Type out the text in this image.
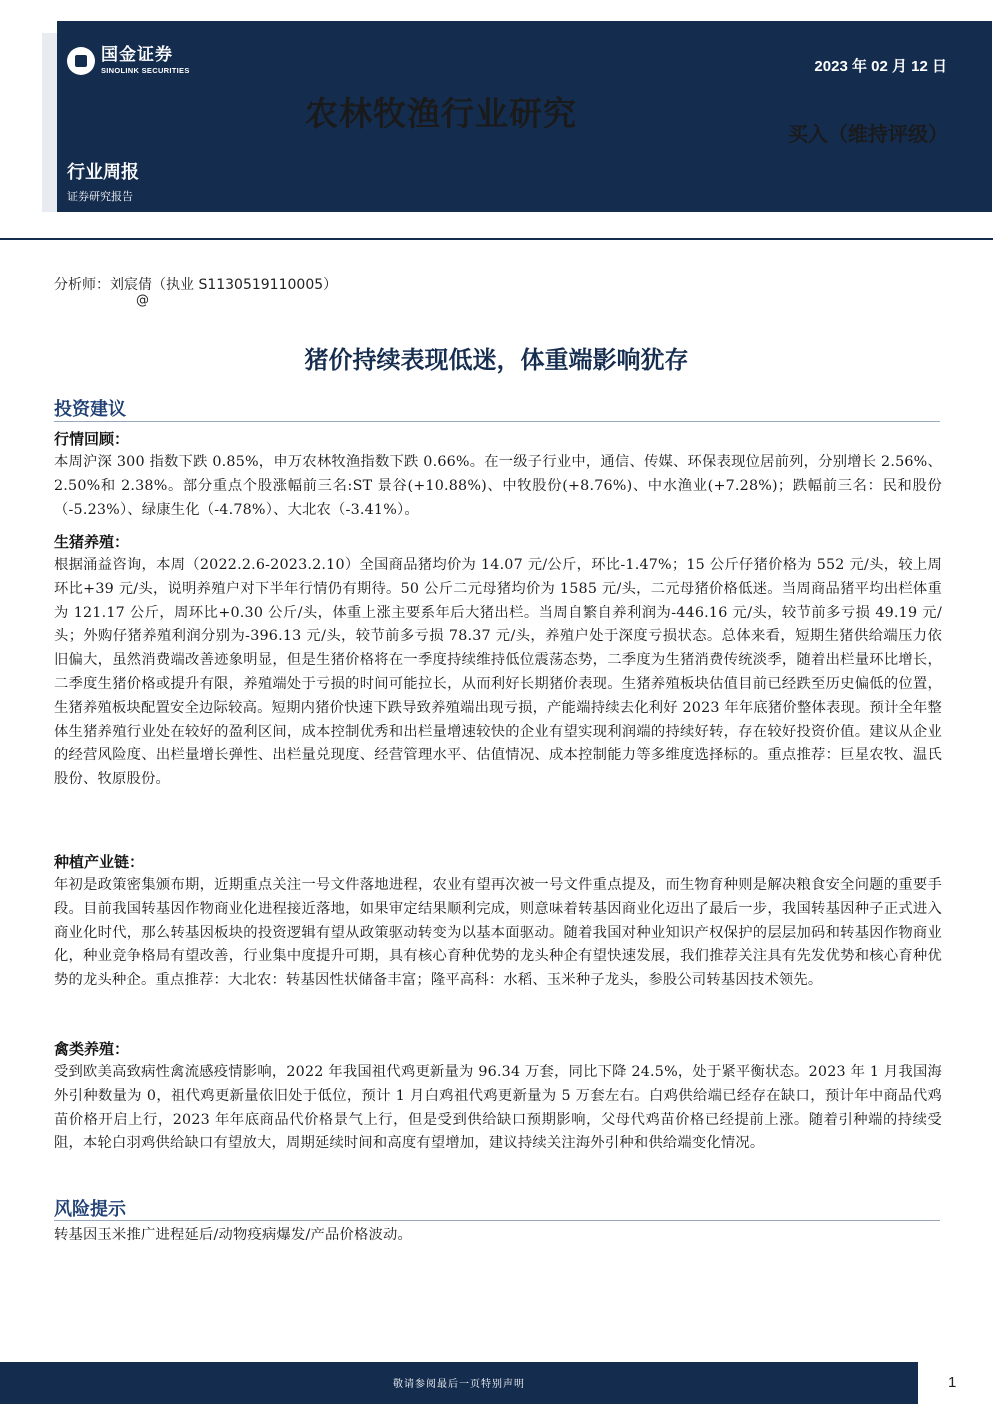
国金证券
SINOLINK SECURITIES	2023 年 02 月 12 日
行业周报
证券研究报告
农林牧渔行业研究
买入（维持评级）
分析师：刘宸倩（执业 S1130519110005）
@
猪价持续表现低迷，体重端影响犹存
投资建议
行情回顾：

本周沪深 300 指数下跌 0.85%，申万农林牧渔指数下跌 0.66%。在一级子行业中，通信、传媒、环保表现位居前列，分别增长 2.56%、2.50%和 2.38%。部分重点个股涨幅前三名:ST 景谷(+10.88%)、中牧股份(+8.76%)、中水渔业(+7.28%)；跌幅前三名：民和股份（-5.23%）、绿康生化（-4.78%）、大北农（-3.41%）。

生猪养殖：

根据涌益咨询，本周（2022.2.6-2023.2.10）全国商品猪均价为 14.07 元/公斤，环比-1.47%；15 公斤仔猪价格为 552 元/头，较上周环比+39 元/头，说明养殖户对下半年行情仍有期待。50 公斤二元母猪均价为 1585 元/头，二元母猪价格低迷。当周商品猪平均出栏体重为 121.17 公斤，周环比+0.30 公斤/头，体重上涨主要系年后大猪出栏。当周自繁自养利润为-446.16 元/头，较节前多亏损 49.19 元/头；外购仔猪养殖利润分别为-396.13 元/头，较节前多亏损 78.37 元/头，养殖户处于深度亏损状态。总体来看，短期生猪供给端压力依旧偏大，虽然消费端改善迹象明显，但是生猪价格将在一季度持续维持低位震荡态势，二季度为生猪消费传统淡季，随着出栏量环比增长，二季度生猪价格或提升有限，养殖端处于亏损的时间可能拉长，从而利好长期猪价表现。生猪养殖板块估值目前已经跌至历史偏低的位置，生猪养殖板块配置安全边际较高。短期内猪价快速下跌导致养殖端出现亏损，产能端持续去化利好 2023 年年底猪价整体表现。预计全年整体生猪养殖行业处在较好的盈利区间，成本控制优秀和出栏量增速较快的企业有望实现利润端的持续好转，存在较好投资价值。建议从企业的经营风险度、出栏量增长弹性、出栏量兑现度、经营管理水平、估值情况、成本控制能力等多维度选择标的。重点推荐：巨星农牧、温氏股份、牧原股份。

种植产业链：

年初是政策密集颁布期，近期重点关注一号文件落地进程，农业有望再次被一号文件重点提及，而生物育种则是解决粮食安全问题的重要手段。目前我国转基因作物商业化进程接近落地，如果审定结果顺利完成，则意味着转基因商业化迈出了最后一步，我国转基因种子正式进入商业化时代，那么转基因板块的投资逻辑有望从政策驱动转变为以基本面驱动。随着我国对种业知识产权保护的层层加码和转基因作物商业化，种业竞争格局有望改善，行业集中度提升可期，具有核心育种优势的龙头种企有望快速发展，我们推荐关注具有先发优势和核心育种优势的龙头种企。重点推荐：大北农：转基因性状储备丰富；隆平高科：水稻、玉米种子龙头，参股公司转基因技术领先。

禽类养殖：

受到欧美高致病性禽流感疫情影响，2022 年我国祖代鸡更新量为 96.34 万套，同比下降 24.5%，处于紧平衡状态。2023 年 1 月我国海外引种数量为 0，祖代鸡更新量依旧处于低位，预计 1 月白鸡祖代鸡更新量为 5 万套左右。白鸡供给端已经存在缺口，预计年中商品代鸡苗价格开启上行，2023 年年底商品代价格景气上行，但是受到供给缺口预期影响，父母代鸡苗价格已经提前上涨。随着引种端的持续受阻，本轮白羽鸡供给缺口有望放大，周期延续时间和高度有望增加，建议持续关注海外引种和供给端变化情况。

风险提示

转基因玉米推广进程延后/动物疫病爆发/产品价格波动。

敬请参阅最后一页特别声明	1
